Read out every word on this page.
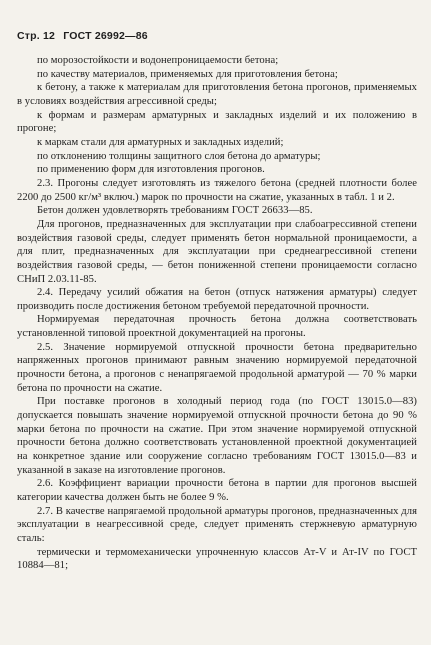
Стр. 12 ГОСТ 26992—86

по морозостойкости и водонепроницаемости бетона;

по качеству материалов, применяемых для приготовления бетона;

к бетону, а также к материалам для приготовления бетона прогонов, применяемых в условиях воздействия агрессивной среды;

к формам и размерам арматурных и закладных изделий и их положению в прогоне;

к маркам стали для арматурных и закладных изделий;

по отклонению толщины защитного слоя бетона до арматуры;

по применению форм для изготовления прогонов.

2.3. Прогоны следует изготовлять из тяжелого бетона (средней плотности более 2200 до 2500 кг/м³ включ.) марок по прочности на сжатие, указанных в табл. 1 и 2.

Бетон должен удовлетворять требованиям ГОСТ 26633—85.

Для прогонов, предназначенных для эксплуатации при слабоагрессивной степени воздействия газовой среды, следует применять бетон нормальной проницаемости, а для плит, предназначенных для эксплуатации при среднеагрессивной степени воздействия газовой среды, — бетон пониженной степени проницаемости согласно СНиП 2.03.11-85.

2.4. Передачу усилий обжатия на бетон (отпуск натяжения арматуры) следует производить после достижения бетоном требуемой передаточной прочности.

Нормируемая передаточная прочность бетона должна соответствовать установленной типовой проектной документацией на прогоны.

2.5. Значение нормируемой отпускной прочности бетона предварительно напряженных прогонов принимают равным значению нормируемой передаточной прочности бетона, а прогонов с ненапрягаемой продольной арматурой — 70 % марки бетона по прочности на сжатие.

При поставке прогонов в холодный период года (по ГОСТ 13015.0—83) допускается повышать значение нормируемой отпускной прочности бетона до 90 % марки бетона по прочности на сжатие. При этом значение нормируемой отпускной прочности бетона должно соответствовать установленной проектной документацией на конкретное здание или сооружение согласно требованиям ГОСТ 13015.0—83 и указанной в заказе на изготовление прогонов.

2.6. Коэффициент вариации прочности бетона в партии для прогонов высшей категории качества должен быть не более 9 %.

2.7. В качестве напрягаемой продольной арматуры прогонов, предназначенных для эксплуатации в неагрессивной среде, следует применять стержневую арматурную сталь:

термически и термомеханически упрочненную классов Ат-V и Ат-IV по ГОСТ 10884—81;
